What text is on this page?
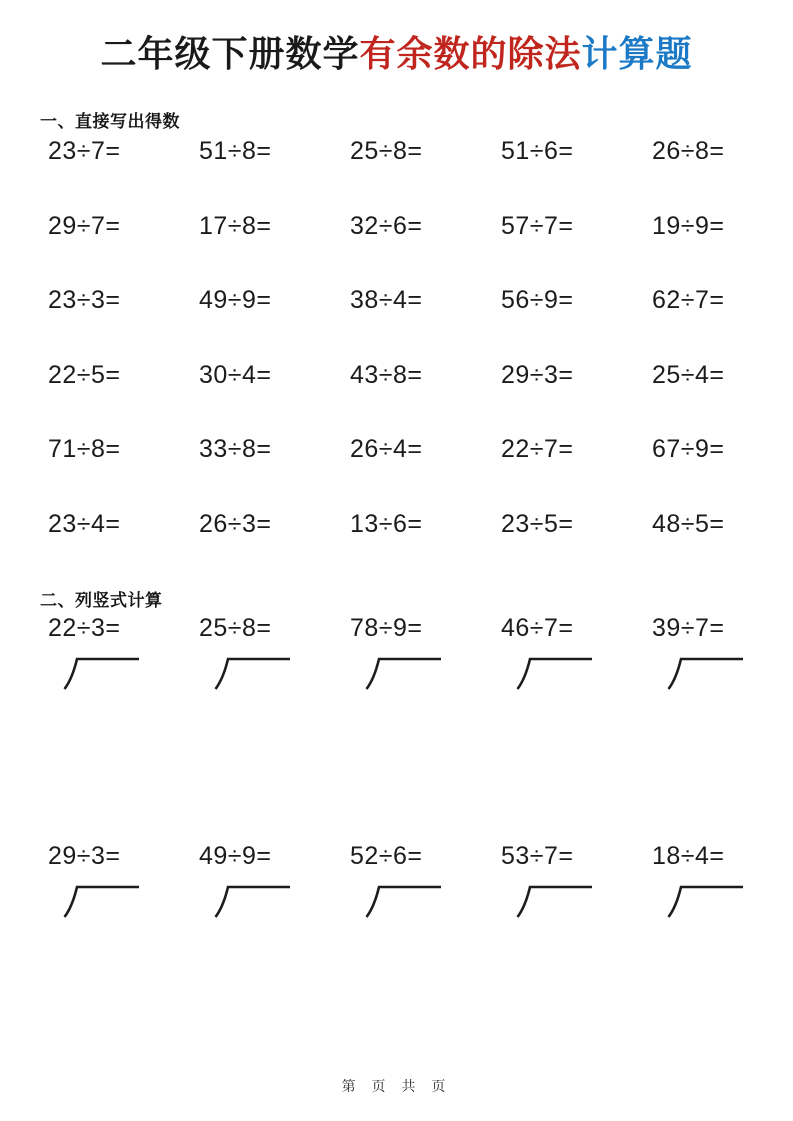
二年级下册数学有余数的除法计算题
一、直接写出得数
23÷7=	51÷8=	25÷8=	51÷6=	26÷8=
29÷7=	17÷8=	32÷6=	57÷7=	19÷9=
23÷3=	49÷9=	38÷4=	56÷9=	62÷7=
22÷5=	30÷4=	43÷8=	29÷3=	25÷4=
71÷8=	33÷8=	26÷4=	22÷7=	67÷9=
23÷4=	26÷3=	13÷6=	23÷5=	48÷5=
二、列竖式计算
22÷3=	25÷8=	78÷9=	46÷7=	39÷7=
29÷3=	49÷9=	52÷6=	53÷7=	18÷4=
第 页 共 页
